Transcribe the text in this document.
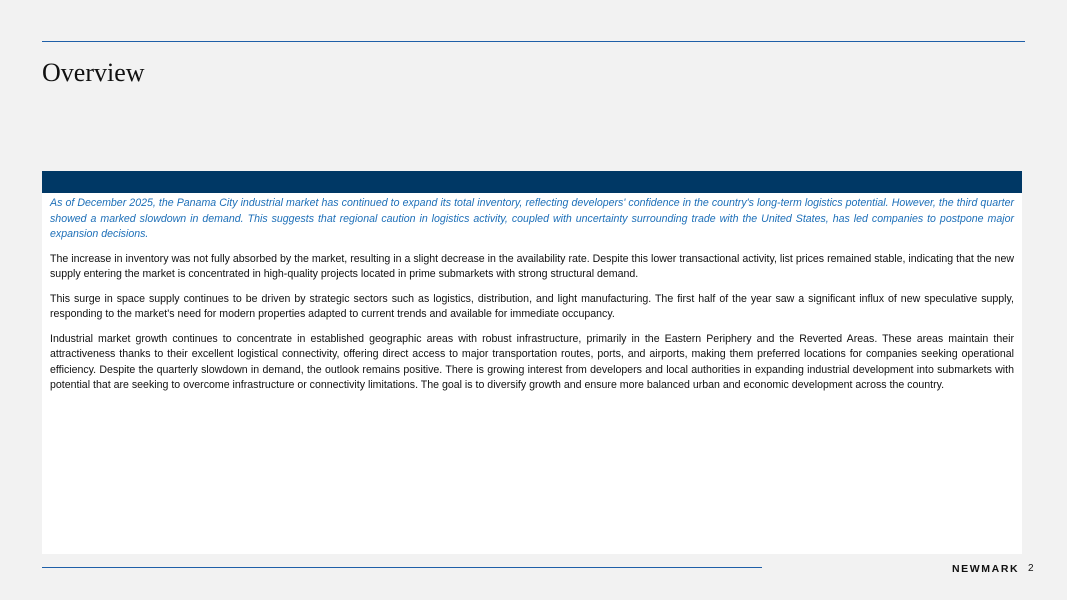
Overview

As of December 2025, the Panama City industrial market has continued to expand its total inventory, reflecting developers' confidence in the country's long-term logistics potential. However, the third quarter showed a marked slowdown in demand. This suggests that regional caution in logistics activity, coupled with uncertainty surrounding trade with the United States, has led companies to postpone major expansion decisions.

The increase in inventory was not fully absorbed by the market, resulting in a slight decrease in the availability rate. Despite this lower transactional activity, list prices remained stable, indicating that the new supply entering the market is concentrated in high-quality projects located in prime submarkets with strong structural demand.

This surge in space supply continues to be driven by strategic sectors such as logistics, distribution, and light manufacturing. The first half of the year saw a significant influx of new speculative supply, responding to the market's need for modern properties adapted to current trends and available for immediate occupancy.

Industrial market growth continues to concentrate in established geographic areas with robust infrastructure, primarily in the Eastern Periphery and the Reverted Areas. These areas maintain their attractiveness thanks to their excellent logistical connectivity, offering direct access to major transportation routes, ports, and airports, making them preferred locations for companies seeking operational efficiency. Despite the quarterly slowdown in demand, the outlook remains positive. There is growing interest from developers and local authorities in expanding industrial development into submarkets with potential that are seeking to overcome infrastructure or connectivity limitations. The goal is to diversify growth and ensure more balanced urban and economic development across the country.

NEWMARK 2
